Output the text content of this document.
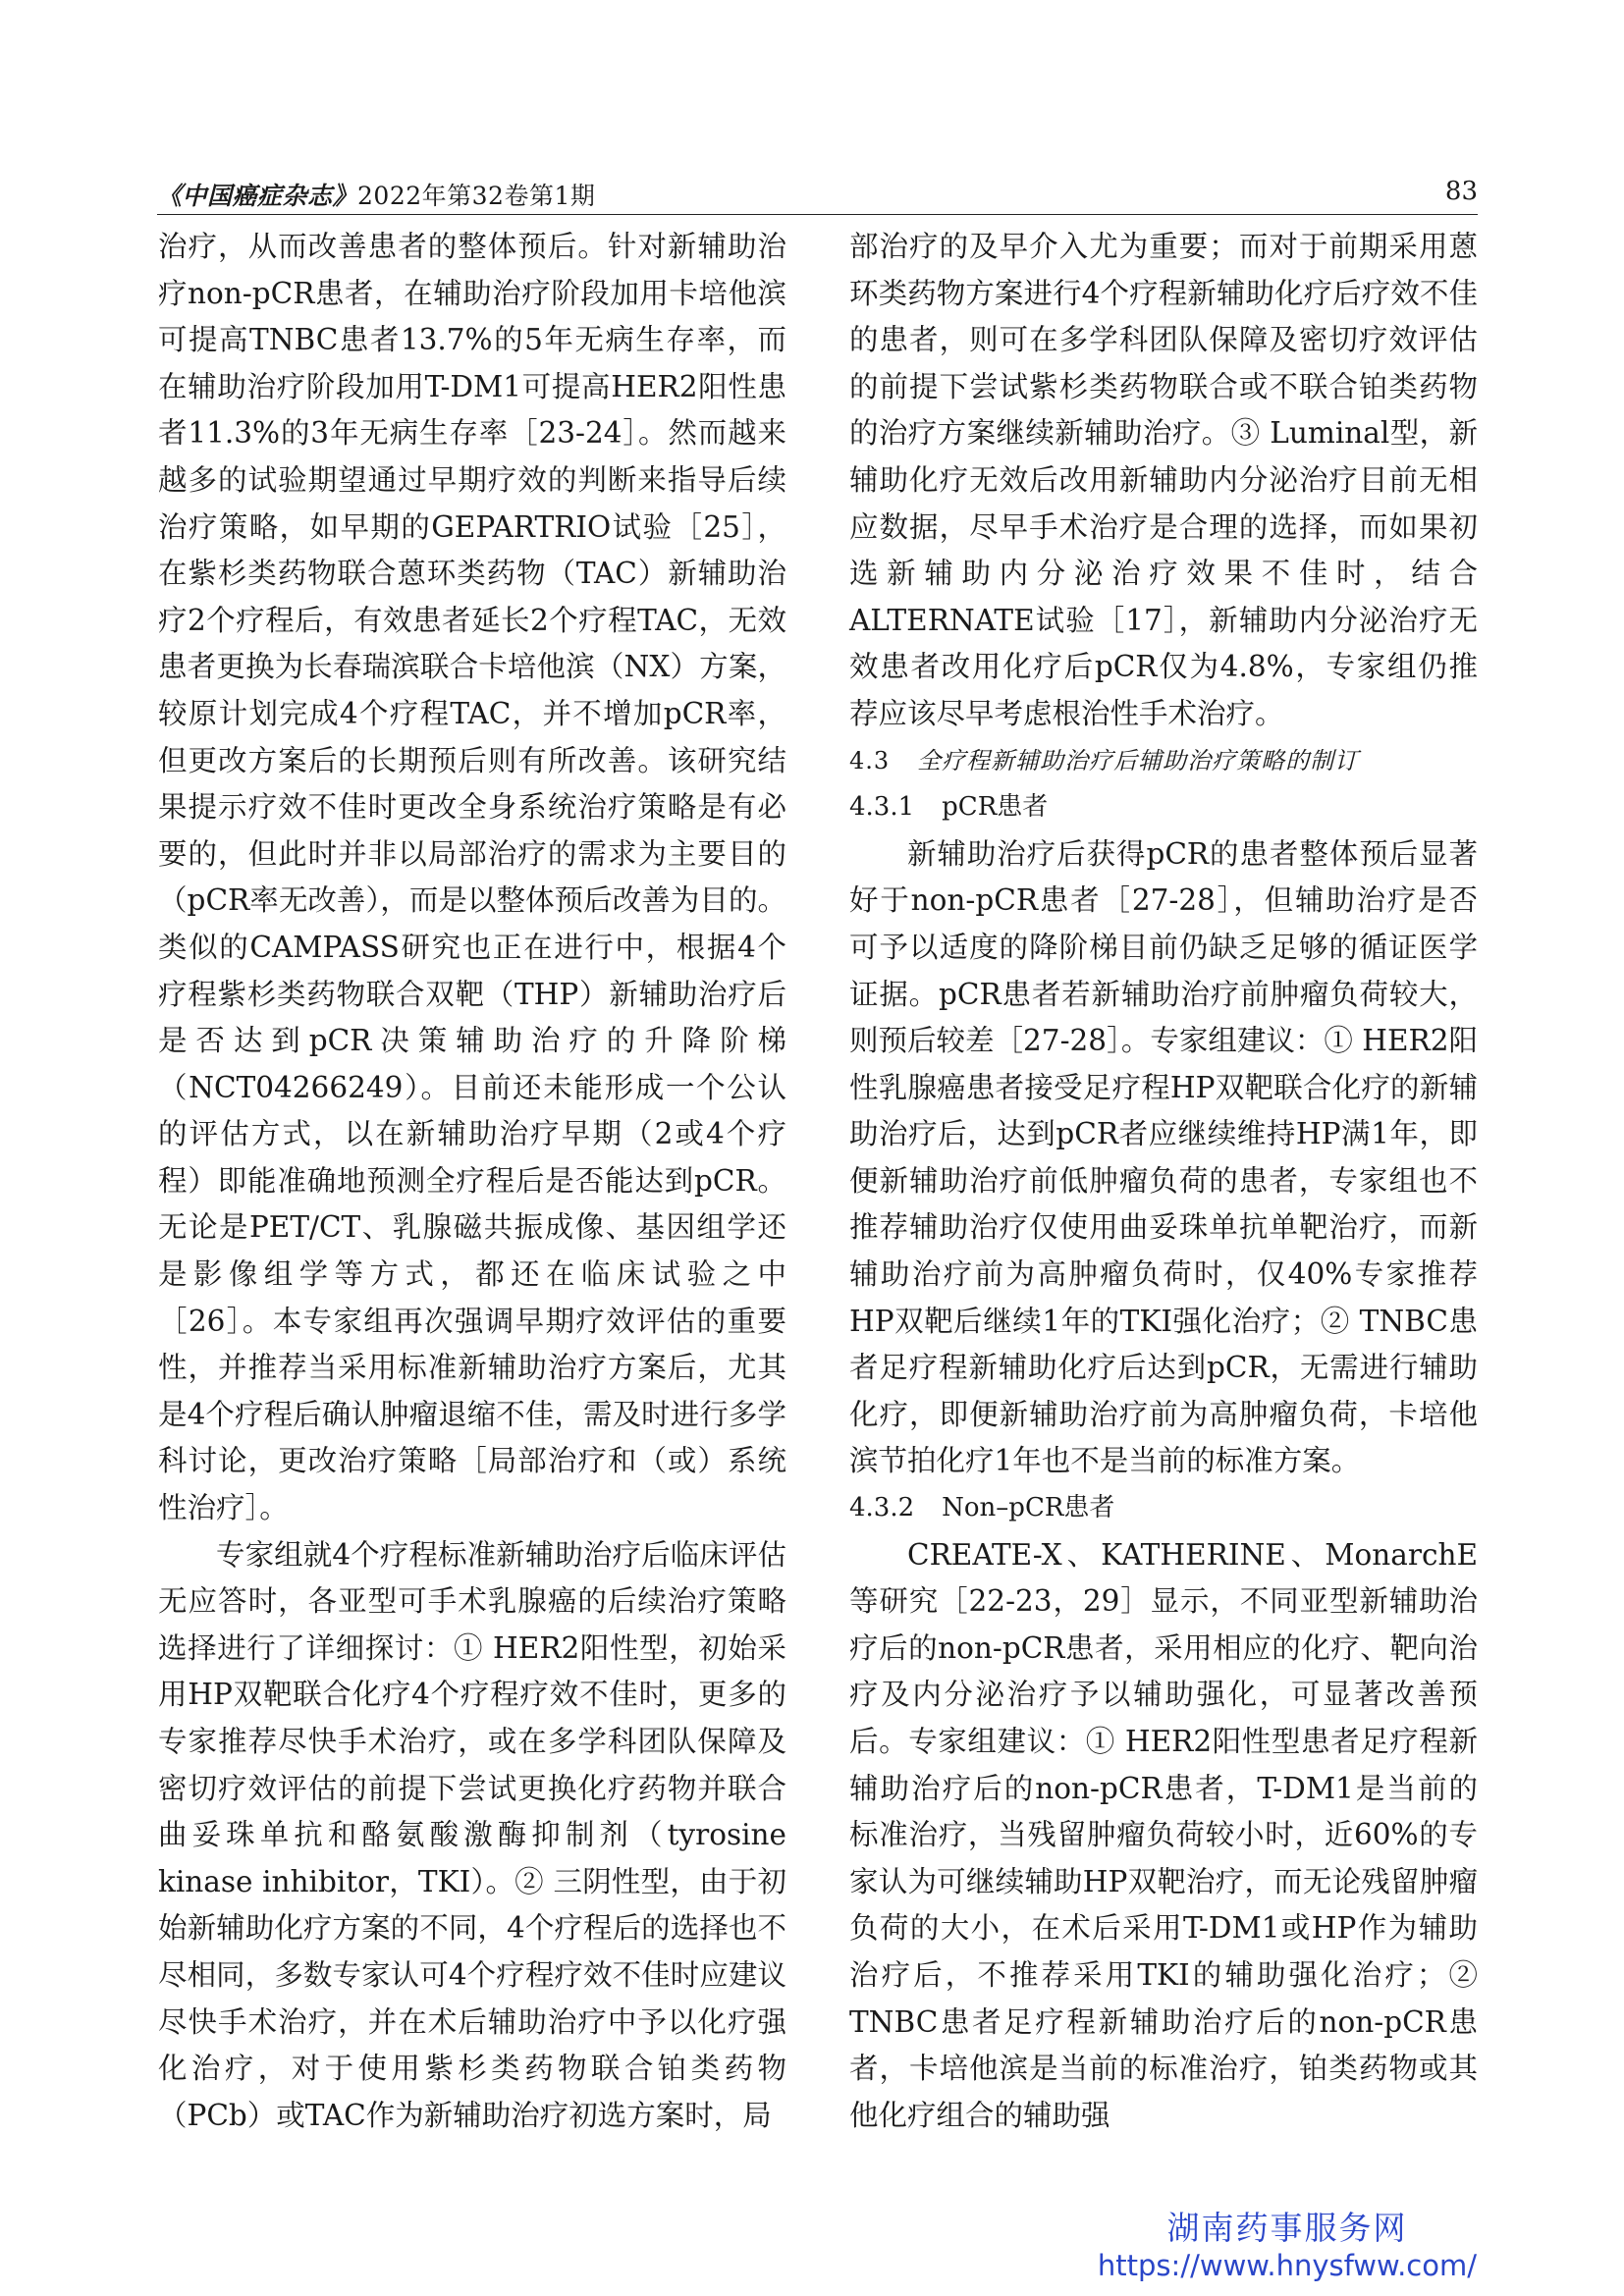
《中国癌症杂志》2022年第32卷第1期	83

治疗，从而改善患者的整体预后。针对新辅助治疗non-pCR患者，在辅助治疗阶段加用卡培他滨可提高TNBC患者13.7%的5年无病生存率，而在辅助治疗阶段加用T-DM1可提高HER2阳性患者11.3%的3年无病生存率［23-24］。然而越来越多的试验期望通过早期疗效的判断来指导后续治疗策略，如早期的GEPARTRIO试验［25］，在紫杉类药物联合蒽环类药物（TAC）新辅助治疗2个疗程后，有效患者延长2个疗程TAC，无效患者更换为长春瑞滨联合卡培他滨（NX）方案，较原计划完成4个疗程TAC，并不增加pCR率，但更改方案后的长期预后则有所改善。该研究结果提示疗效不佳时更改全身系统治疗策略是有必要的，但此时并非以局部治疗的需求为主要目的（pCR率无改善），而是以整体预后改善为目的。类似的CAMPASS研究也正在进行中，根据4个疗程紫杉类药物联合双靶（THP）新辅助治疗后是否达到pCR决策辅助治疗的升降阶梯（NCT04266249）。目前还未能形成一个公认的评估方式，以在新辅助治疗早期（2或4个疗程）即能准确地预测全疗程后是否能达到pCR。无论是PET/CT、乳腺磁共振成像、基因组学还是影像组学等方式，都还在临床试验之中［26］。本专家组再次强调早期疗效评估的重要性，并推荐当采用标准新辅助治疗方案后，尤其是4个疗程后确认肿瘤退缩不佳，需及时进行多学科讨论，更改治疗策略［局部治疗和（或）系统性治疗］。

专家组就4个疗程标准新辅助治疗后临床评估无应答时，各亚型可手术乳腺癌的后续治疗策略选择进行了详细探讨：① HER2阳性型，初始采用HP双靶联合化疗4个疗程疗效不佳时，更多的专家推荐尽快手术治疗，或在多学科团队保障及密切疗效评估的前提下尝试更换化疗药物并联合曲妥珠单抗和酪氨酸激酶抑制剂（tyrosine kinase inhibitor，TKI）。② 三阴性型，由于初始新辅助化疗方案的不同，4个疗程后的选择也不尽相同，多数专家认可4个疗程疗效不佳时应建议尽快手术治疗，并在术后辅助治疗中予以化疗强化治疗，对于使用紫杉类药物联合铂类药物（PCb）或TAC作为新辅助治疗初选方案时，局

部治疗的及早介入尤为重要；而对于前期采用蒽环类药物方案进行4个疗程新辅助化疗后疗效不佳的患者，则可在多学科团队保障及密切疗效评估的前提下尝试紫杉类药物联合或不联合铂类药物的治疗方案继续新辅助治疗。③ Luminal型，新辅助化疗无效后改用新辅助内分泌治疗目前无相应数据，尽早手术治疗是合理的选择，而如果初选新辅助内分泌治疗效果不佳时，结合ALTERNATE试验［17］，新辅助内分泌治疗无效患者改用化疗后pCR仅为4.8%，专家组仍推荐应该尽早考虑根治性手术治疗。

4.3 全疗程新辅助治疗后辅助治疗策略的制订
4.3.1 pCR患者

新辅助治疗后获得pCR的患者整体预后显著好于non-pCR患者［27-28］，但辅助治疗是否可予以适度的降阶梯目前仍缺乏足够的循证医学证据。pCR患者若新辅助治疗前肿瘤负荷较大，则预后较差［27-28］。专家组建议：① HER2阳性乳腺癌患者接受足疗程HP双靶联合化疗的新辅助治疗后，达到pCR者应继续维持HP满1年，即便新辅助治疗前低肿瘤负荷的患者，专家组也不推荐辅助治疗仅使用曲妥珠单抗单靶治疗，而新辅助治疗前为高肿瘤负荷时，仅40%专家推荐HP双靶后继续1年的TKI强化治疗；② TNBC患者足疗程新辅助化疗后达到pCR，无需进行辅助化疗，即便新辅助治疗前为高肿瘤负荷，卡培他滨节拍化疗1年也不是当前的标准方案。

4.3.2 Non–pCR患者

CREATE-X、KATHERINE、MonarchE等研究［22-23，29］显示，不同亚型新辅助治疗后的non-pCR患者，采用相应的化疗、靶向治疗及内分泌治疗予以辅助强化，可显著改善预后。专家组建议：① HER2阳性型患者足疗程新辅助治疗后的non-pCR患者，T-DM1是当前的标准治疗，当残留肿瘤负荷较小时，近60%的专家认为可继续辅助HP双靶治疗，而无论残留肿瘤负荷的大小，在术后采用T-DM1或HP作为辅助治疗后，不推荐采用TKI的辅助强化治疗；② TNBC患者足疗程新辅助治疗后的non-pCR患者，卡培他滨是当前的标准治疗，铂类药物或其他化疗组合的辅助强

湖南药事服务网
https://www.hnysfww.com/
